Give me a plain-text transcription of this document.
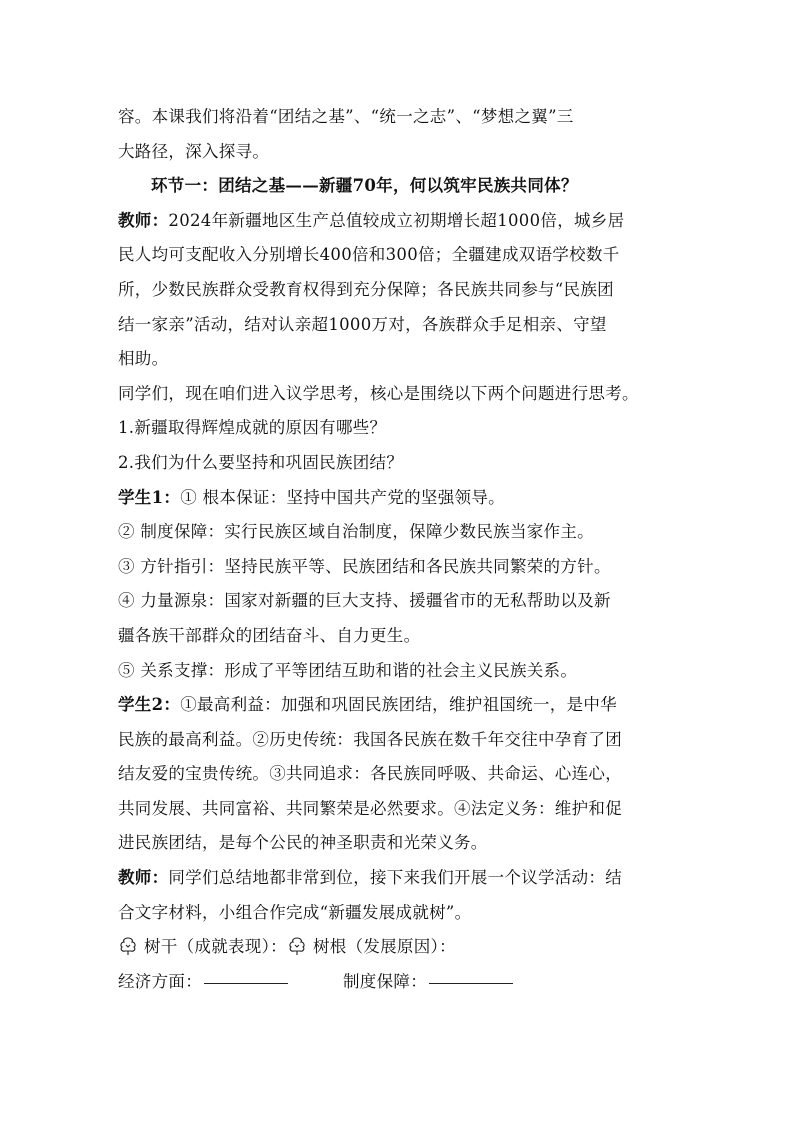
容。本课我们将沿着“团结之基”、“统一之志”、“梦想之翼”三
大路径，深入探寻。
环节一：团结之基——新疆70年，何以筑牢民族共同体？
教师：2024年新疆地区生产总值较成立初期增长超1000倍，城乡居
民人均可支配收入分别增长400倍和300倍；全疆建成双语学校数千
所，少数民族群众受教育权得到充分保障；各民族共同参与“民族团
结一家亲”活动，结对认亲超1000万对，各族群众手足相亲、守望
相助。
同学们，现在咱们进入议学思考，核心是围绕以下两个问题进行思考。
1.新疆取得辉煌成就的原因有哪些？
2.我们为什么要坚持和巩固民族团结？
学生1：① 根本保证：坚持中国共产党的坚强领导。
② 制度保障：实行民族区域自治制度，保障少数民族当家作主。
③ 方针指引：坚持民族平等、民族团结和各民族共同繁荣的方针。
④ 力量源泉：国家对新疆的巨大支持、援疆省市的无私帮助以及新
疆各族干部群众的团结奋斗、自力更生。
⑤ 关系支撑：形成了平等团结互助和谐的社会主义民族关系。
学生2：①最高利益：加强和巩固民族团结，维护祖国统一，是中华
民族的最高利益。②历史传统：我国各民族在数千年交往中孕育了团
结友爱的宝贵传统。③共同追求：各民族同呼吸、共命运、心连心，
共同发展、共同富裕、共同繁荣是必然要求。④法定义务：维护和促
进民族团结，是每个公民的神圣职责和光荣义务。
教师：同学们总结地都非常到位，接下来我们开展一个议学活动：结
合文字材料，小组合作完成“新疆发展成就树”。
树干（成就表现）： 树根（发展原因）：
经济方面：	制度保障：
